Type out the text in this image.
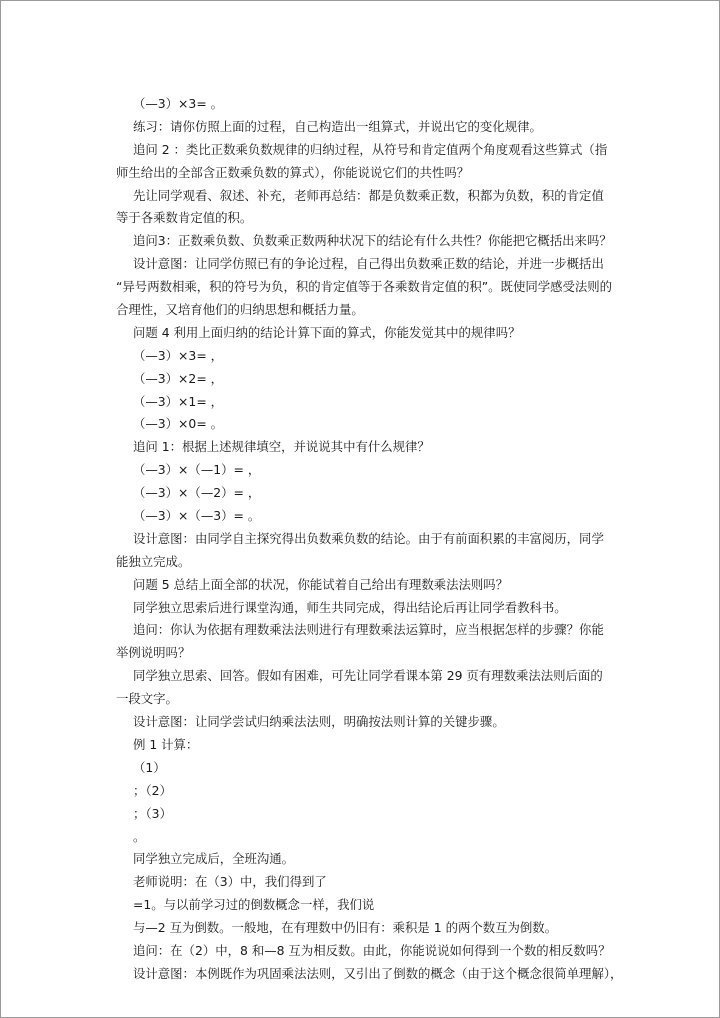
（—3）×3= 。
练习：请你仿照上面的过程，自己构造出一组算式，并说出它的变化规律。
追问 2 ：类比正数乘负数规律的归纳过程，从符号和肯定值两个角度观看这些算式（指
师生给出的全部含正数乘负数的算式），你能说说它们的共性吗？
先让同学观看、叙述、补充，老师再总结：都是负数乘正数，积都为负数，积的肯定值
等于各乘数肯定值的积。
追问3：正数乘负数、负数乘正数两种状况下的结论有什么共性？你能把它概括出来吗？
设计意图：让同学仿照已有的争论过程，自己得出负数乘正数的结论，并进一步概括出
“异号两数相乘，积的符号为负，积的肯定值等于各乘数肯定值的积”。既使同学感受法则的
合理性，又培育他们的归纳思想和概括力量。
问题 4 利用上面归纳的结论计算下面的算式，你能发觉其中的规律吗？
（—3）×3= ，
（—3）×2= ，
（—3）×1= ，
（—3）×0= 。
追问 1：根据上述规律填空，并说说其中有什么规律？
（—3）×（—1）= ，
（—3）×（—2）= ，
（—3）×（—3）= 。
设计意图：由同学自主探究得出负数乘负数的结论。由于有前面积累的丰富阅历，同学
能独立完成。
问题 5 总结上面全部的状况，你能试着自己给出有理数乘法法则吗？
同学独立思索后进行课堂沟通，师生共同完成，得出结论后再让同学看教科书。
追问：你认为依据有理数乘法法则进行有理数乘法运算时，应当根据怎样的步骤？你能
举例说明吗？
同学独立思索、回答。假如有困难，可先让同学看课本第 29 页有理数乘法法则后面的
一段文字。
设计意图：让同学尝试归纳乘法法则，明确按法则计算的关键步骤。
例 1 计算：
（1）
；（2）
；（3）
。
同学独立完成后，全班沟通。
老师说明：在（3）中，我们得到了
=1。与以前学习过的倒数概念一样，我们说
与—2 互为倒数。一般地，在有理数中仍旧有：乘积是 1 的两个数互为倒数。
追问：在（2）中，8 和—8 互为相反数。由此，你能说说如何得到一个数的相反数吗？
设计意图：本例既作为巩固乘法法则，又引出了倒数的概念（由于这个概念很简单理解），
